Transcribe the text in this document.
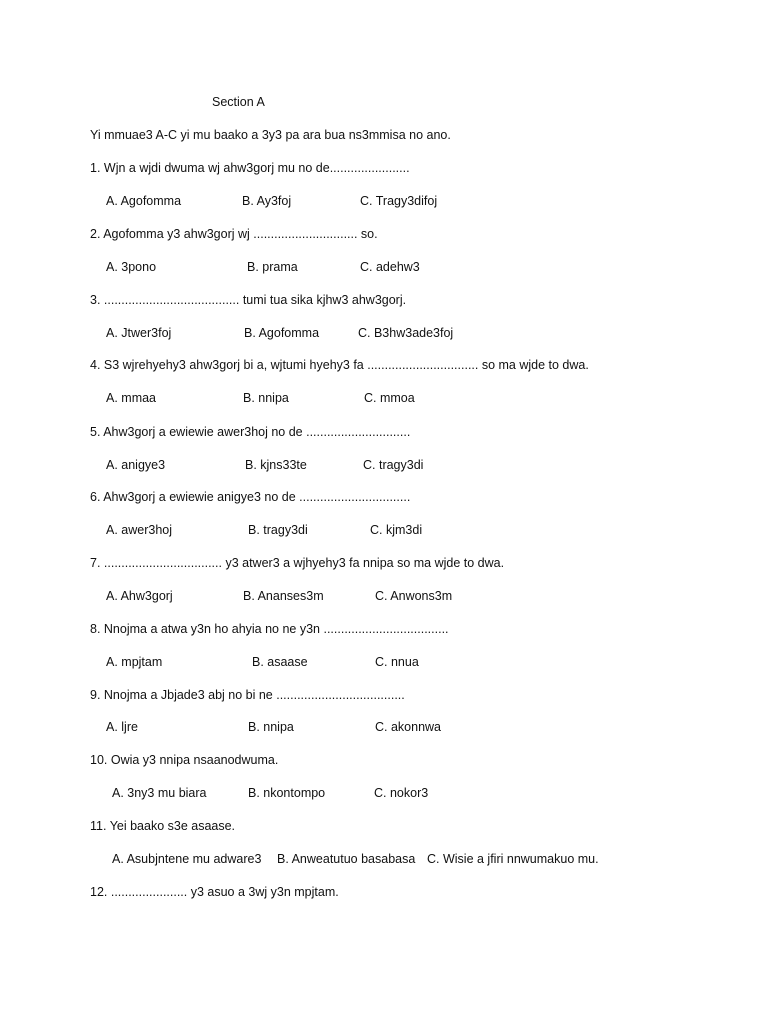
Section A
Yi mmuae3 A-C yi mu baako a 3y3 pa ara bua ns3mmisa no ano.
1. Wjn a wjdi dwuma wj ahw3gorj mu no de.......................
A. Agofomma	B. Ay3foj	C. Tragy3difoj
2. Agofomma y3 ahw3gorj wj .............................. so.
A. 3pono	B. prama	C. adehw3
3. ....................................... tumi tua sika kjhw3 ahw3gorj.
A. Jtwer3foj	B. Agofomma	C. B3hw3ade3foj
4. S3 wjrehyehy3 ahw3gorj bi a, wjtumi hyehy3 fa ................................ so ma wjde to dwa.
A. mmaa	B. nnipa	C. mmoa
5. Ahw3gorj a ewiewie awer3hoj no de ..............................
A. anigye3	B. kjns33te	C. tragy3di
6. Ahw3gorj a ewiewie anigye3 no de ................................
A. awer3hoj	B. tragy3di	C. kjm3di
7. .................................. y3 atwer3 a wjhyehy3 fa nnipa so ma wjde to dwa.
A. Ahw3gorj	B. Ananses3m	C. Anwons3m
8. Nnojma a atwa y3n ho ahyia no ne y3n ....................................
A. mpjtam	B. asaase	C. nnua
9. Nnojma a Jbjade3 abj no bi ne .....................................
A. ljre	B. nnipa	C. akonnwa
10. Owia y3 nnipa nsaanodwuma.
A. 3ny3 mu biara	B. nkontompo	C. nokor3
11. Yei baako s3e asaase.
A. Asubjntene mu adware3 B. Anweatutuo basabasa C. Wisie a jfiri nnwumakuo mu.
12. ...................... y3 asuo a 3wj y3n mpjtam.
